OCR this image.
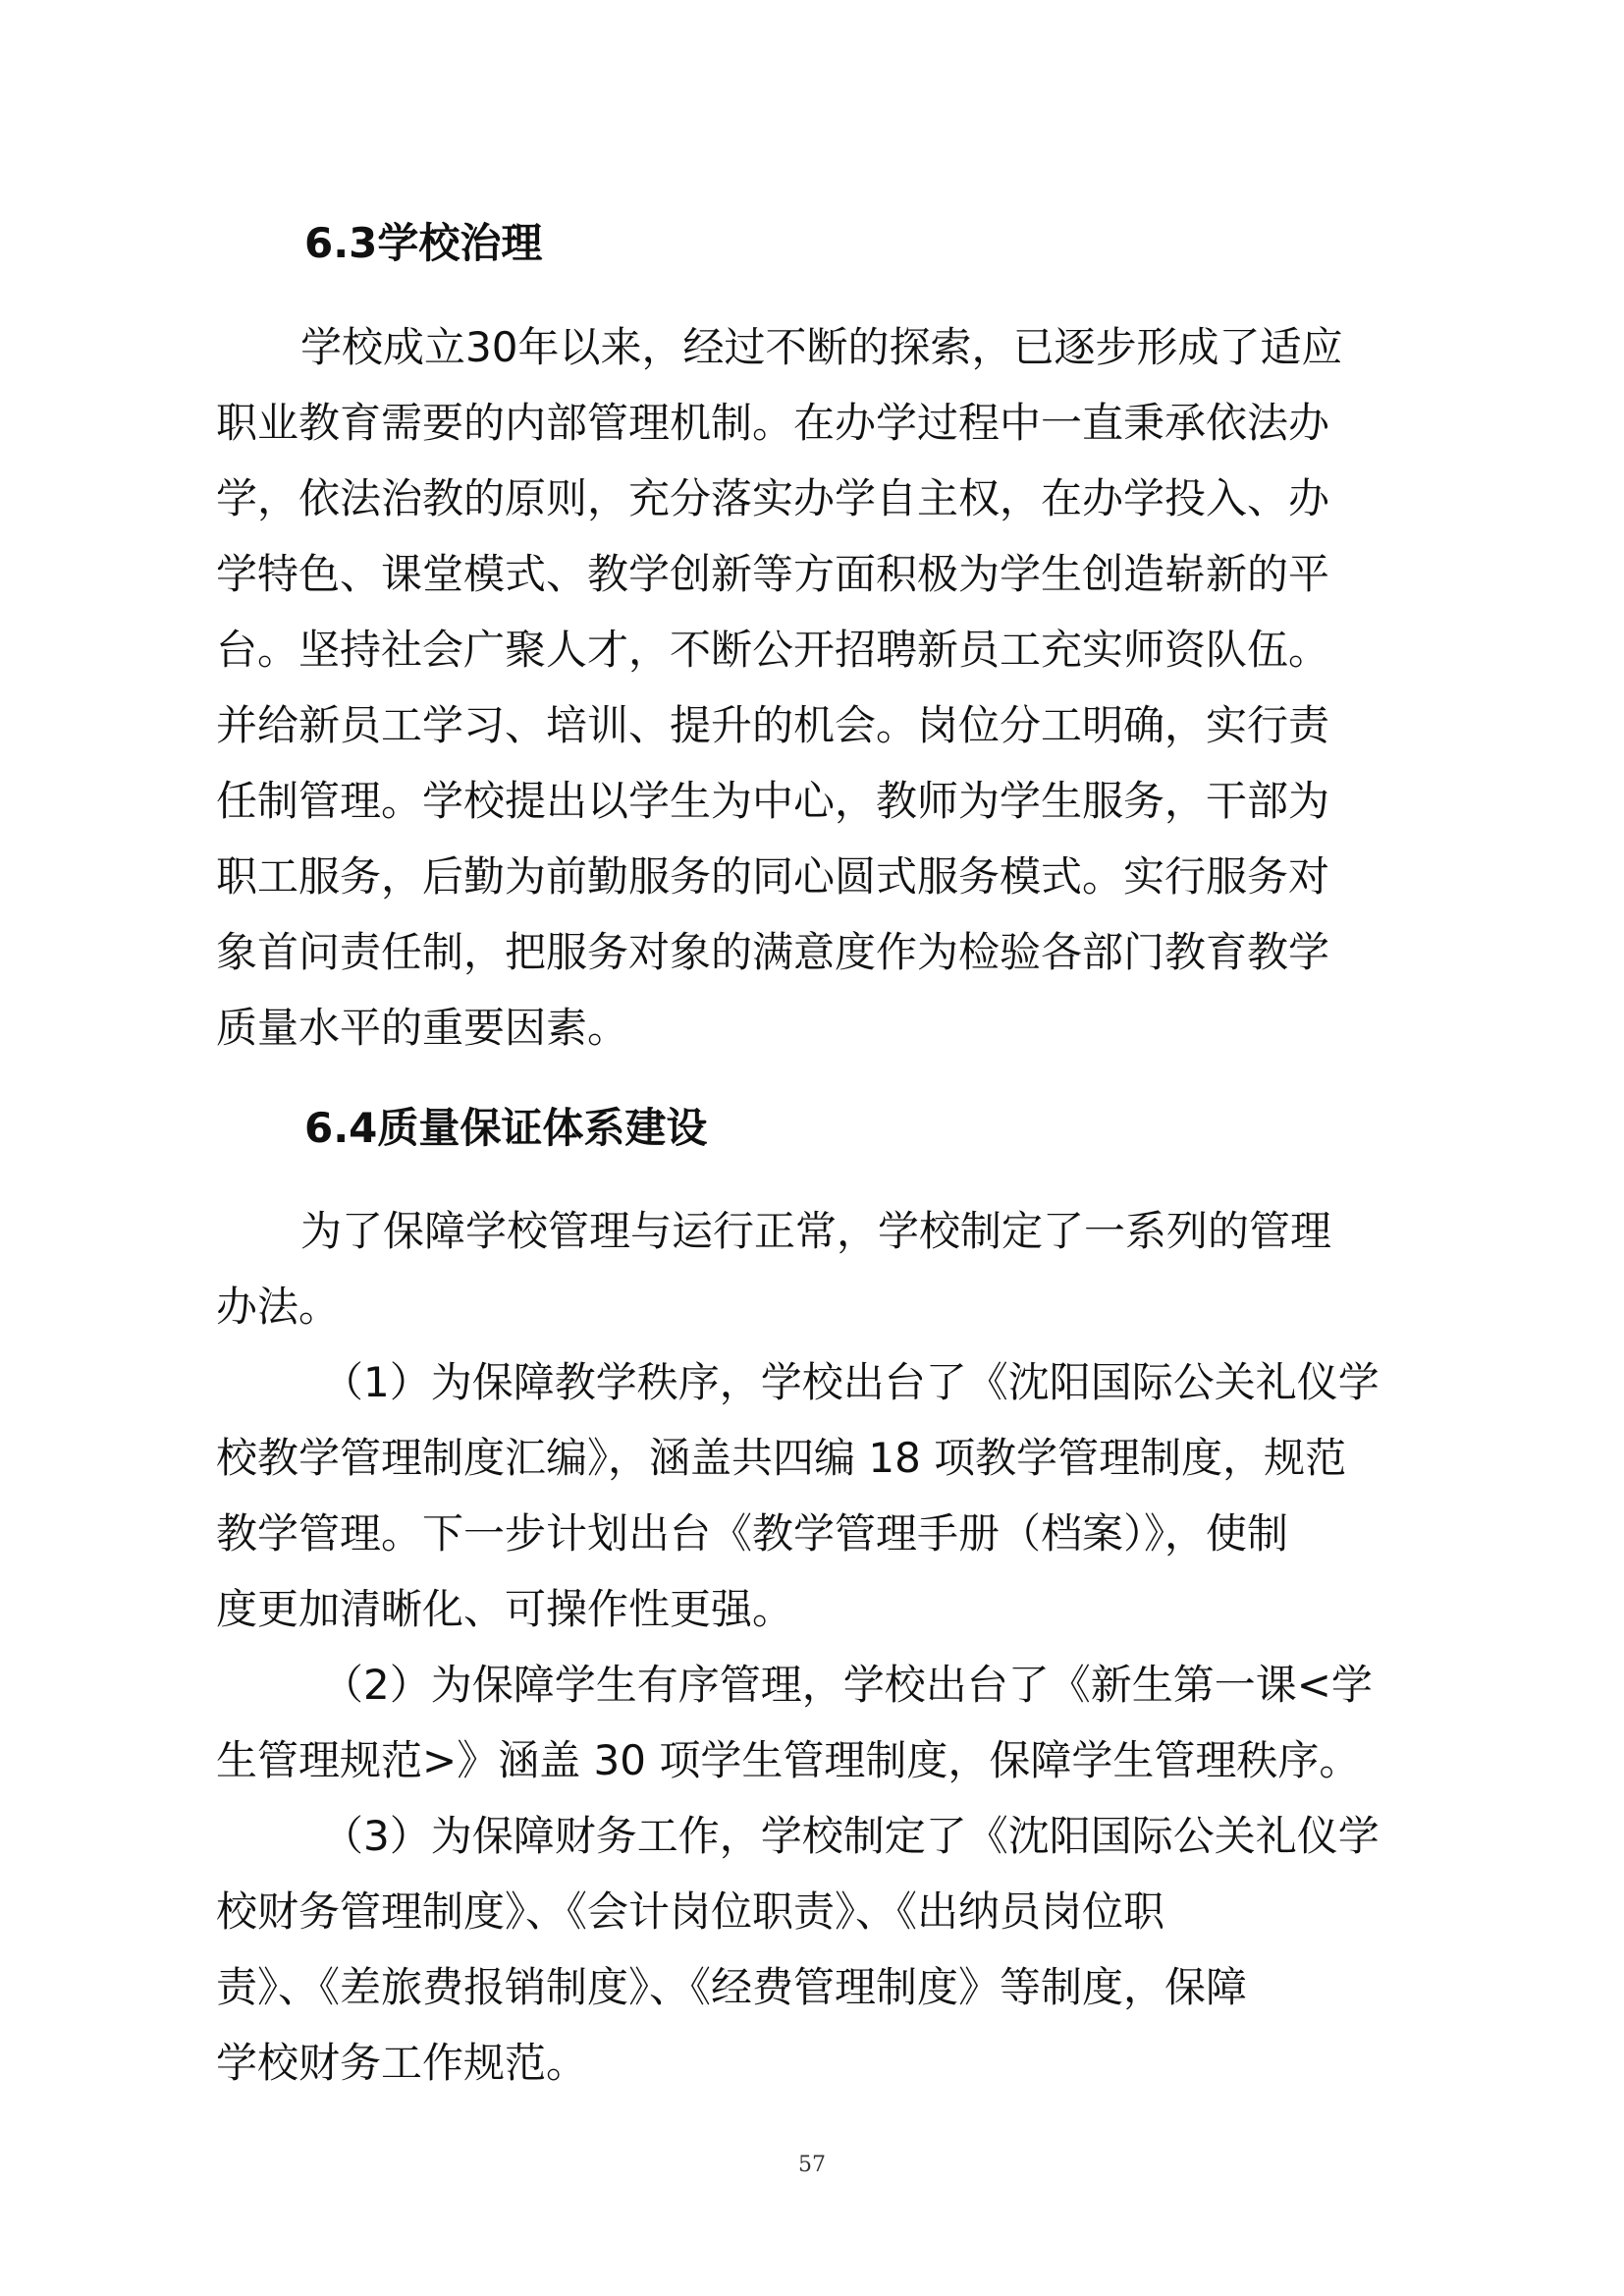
6.3学校治理

学校成立30年以来，经过不断的探索，已逐步形成了适应

职业教育需要的内部管理机制。在办学过程中一直秉承依法办

学，依法治教的原则，充分落实办学自主权，在办学投入、办

学特色、课堂模式、教学创新等方面积极为学生创造崭新的平

台。坚持社会广聚人才，不断公开招聘新员工充实师资队伍。

并给新员工学习、培训、提升的机会。岗位分工明确，实行责

任制管理。学校提出以学生为中心，教师为学生服务，干部为

职工服务，后勤为前勤服务的同心圆式服务模式。实行服务对

象首问责任制，把服务对象的满意度作为检验各部门教育教学

质量水平的重要因素。

6.4质量保证体系建设

为了保障学校管理与运行正常，学校制定了一系列的管理

办法。

（1）为保障教学秩序，学校出台了《沈阳国际公关礼仪学

校教学管理制度汇编》，涵盖共四编 18 项教学管理制度，规范

教学管理。下一步计划出台《教学管理手册（档案）》，使制

度更加清晰化、可操作性更强。

（2）为保障学生有序管理，学校出台了《新生第一课<学

生管理规范>》涵盖 30 项学生管理制度，保障学生管理秩序。

（3）为保障财务工作，学校制定了《沈阳国际公关礼仪学

校财务管理制度》、《会计岗位职责》、《出纳员岗位职

责》、《差旅费报销制度》、《经费管理制度》等制度，保障

学校财务工作规范。

57
